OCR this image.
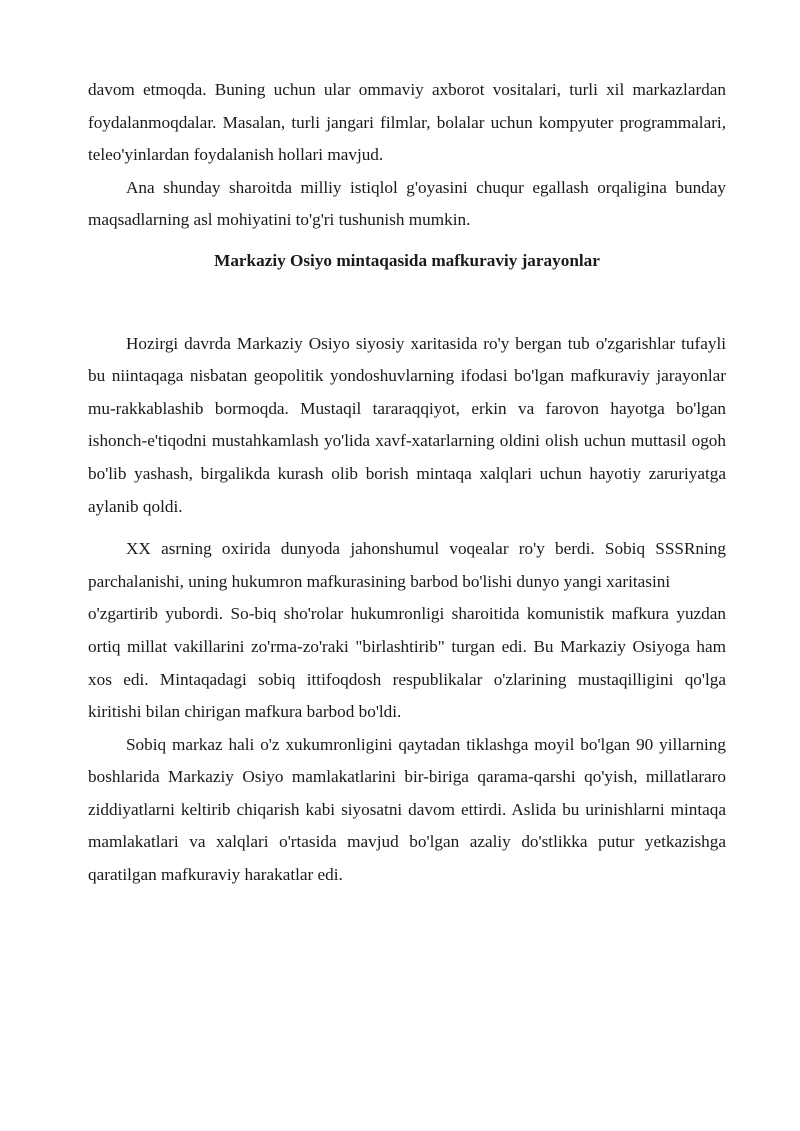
davom etmoqda. Buning uchun ular ommaviy axborot vositalari, turli xil markazlardan foydalanmoqdalar. Masalan, turli jangari filmlar, bolalar uchun kompyuter programmalari, teleo'yinlardan foydalanish hollari mavjud.

Ana shunday sharoitda milliy istiqlol g'oyasini chuqur egallash orqaligina bunday maqsadlarning asl mohiyatini to'g'ri tushunish mumkin.

Markaziy Osiyo mintaqasida mafkuraviy jarayonlar

Hozirgi davrda Markaziy Osiyo siyosiy xaritasida ro'y bergan tub o'zgarishlar tufayli bu niintaqaga nisbatan geopolitik yondoshuvlarning ifodasi bo'lgan mafkuraviy jarayonlar mu-rakkablashib bormoqda. Mustaqil tararaqqiyot, erkin va farovon hayotga bo'lgan ishonch-e'tiqodni mustahkamlash yo'lida xavf-xatarlarning oldini olish uchun muttasil ogoh bo'lib yashash, birgalikda kurash olib borish mintaqa xalqlari uchun hayotiy zaruriyatga aylanib qoldi.

XX asrning oxirida dunyoda jahonshumul voqealar ro'y berdi. Sobiq SSSRning parchalanishi, uning hukumron mafkurasining barbod bo'lishi dunyo yangi xaritasini

o'zgartirib yubordi. So-biq sho'rolar hukumronligi sharoitida komunistik mafkura yuzdan ortiq millat vakillarini zo'rma-zo'raki "birlashtirib" turgan edi. Bu Markaziy Osiyoga ham xos edi. Mintaqadagi sobiq ittifoqdosh respublikalar o'zlarining mustaqilligini qo'lga kiritishi bilan chirigan mafkura barbod bo'ldi.

Sobiq markaz hali o'z xukumronligini qaytadan tiklashga moyil bo'lgan 90 yillarning boshlarida Markaziy Osiyo mamlakatlarini bir-biriga qarama-qarshi qo'yish, millatlararo ziddiyatlarni keltirib chiqarish kabi siyosatni davom ettirdi. Aslida bu urinishlarni mintaqa mamlakatlari va xalqlari o'rtasida mavjud bo'lgan azaliy do'stlikka putur yetkazishga qaratilgan mafkuraviy harakatlar edi.
